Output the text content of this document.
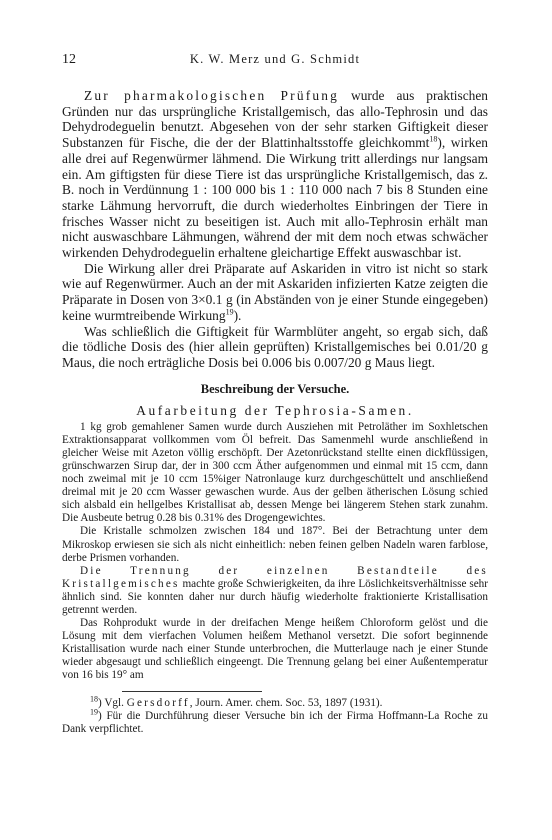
12	K. W. Merz und G. Schmidt

Zur pharmakologischen Prüfung wurde aus praktischen Gründen nur das ursprüngliche Kristallgemisch, das allo-Tephrosin und das Dehydrodeguelin benutzt. Abgesehen von der sehr starken Giftigkeit dieser Substanzen für Fische, die der der Blattinhaltsstoffe gleichkommt$^{18}$), wirken alle drei auf Regenwürmer lähmend. Die Wirkung tritt allerdings nur langsam ein. Am giftigsten für diese Tiere ist das ursprüngliche Kristallgemisch, das z. B. noch in Verdünnung 1 : 100 000 bis 1 : 110 000 nach 7 bis 8 Stunden eine starke Lähmung hervorruft, die durch wiederholtes Einbringen der Tiere in frisches Wasser nicht zu beseitigen ist. Auch mit allo-Tephrosin erhält man nicht auswaschbare Lähmungen, während der mit dem noch etwas schwächer wirkenden Dehydrodeguelin erhaltene gleichartige Effekt auswaschbar ist.

Die Wirkung aller drei Präparate auf Askariden in vitro ist nicht so stark wie auf Regenwürmer. Auch an der mit Askariden infizierten Katze zeigten die Präparate in Dosen von 3×0.1 g (in Abständen von je einer Stunde eingegeben) keine wurmtreibende Wirkung$^{19}$).

Was schließlich die Giftigkeit für Warmblüter angeht, so ergab sich, daß die tödliche Dosis des (hier allein geprüften) Kristallgemisches bei 0.01/20 g Maus, die noch erträgliche Dosis bei 0.006 bis 0.007/20 g Maus liegt.

Beschreibung der Versuche.
Aufarbeitung der Tephrosia-Samen.

1 kg grob gemahlener Samen wurde durch Ausziehen mit Petroläther im Soxhletschen Extraktionsapparat vollkommen vom Öl befreit. Das Samenmehl wurde anschließend in gleicher Weise mit Azeton völlig erschöpft. Der Azetonrückstand stellte einen dickflüssigen, grünschwarzen Sirup dar, der in 300 ccm Äther aufgenommen und einmal mit 15 ccm, dann noch zweimal mit je 10 ccm 15%iger Natronlauge kurz durchgeschüttelt und anschließend dreimal mit je 20 ccm Wasser gewaschen wurde. Aus der gelben ätherischen Lösung schied sich alsbald ein hellgelbes Kristallisat ab, dessen Menge bei längerem Stehen stark zunahm. Die Ausbeute betrug 0.28 bis 0.31% des Drogengewichtes.

Die Kristalle schmolzen zwischen 184 und 187°. Bei der Betrachtung unter dem Mikroskop erwiesen sie sich als nicht einheitlich: neben feinen gelben Nadeln waren farblose, derbe Prismen vorhanden.

Die Trennung der einzelnen Bestandteile des Kristallgemisches machte große Schwierigkeiten, da ihre Löslichkeitsverhältnisse sehr ähnlich sind. Sie konnten daher nur durch häufig wiederholte fraktionierte Kristallisation getrennt werden.

Das Rohprodukt wurde in der dreifachen Menge heißem Chloroform gelöst und die Lösung mit dem vierfachen Volumen heißem Methanol versetzt. Die sofort beginnende Kristallisation wurde nach einer Stunde unterbrochen, die Mutterlauge nach je einer Stunde wieder abgesaugt und schließlich eingeengt. Die Trennung gelang bei einer Außentemperatur von 16 bis 19° am

$^{18}$) Vgl. Gersdorff, Journ. Amer. chem. Soc. 53, 1897 (1931).

$^{19}$) Für die Durchführung dieser Versuche bin ich der Firma Hoffmann-La Roche zu Dank verpflichtet.
